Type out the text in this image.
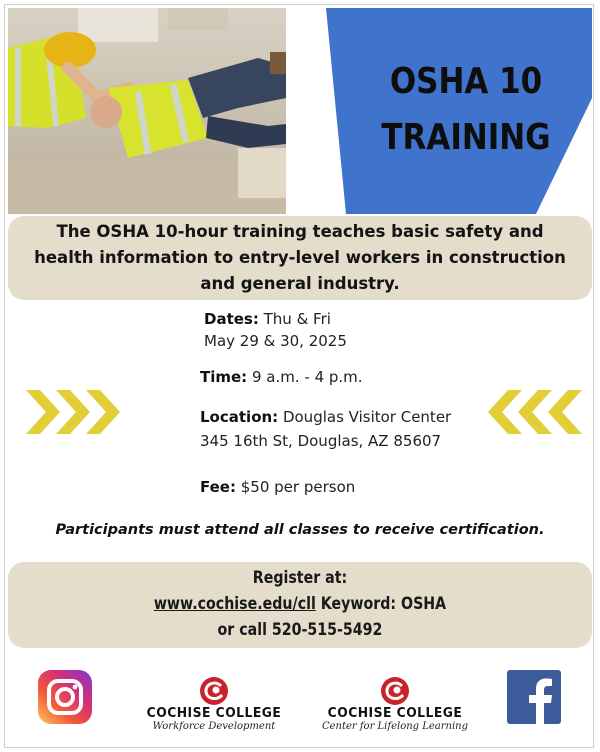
OSHA 10
TRAINING

The OSHA 10-hour training teaches basic safety and health information to entry-level workers in construction and general industry.

Dates: Thu & Fri
May 29 & 30, 2025
Time: 9 a.m. - 4 p.m.
Location: Douglas Visitor Center
345 16th St, Douglas, AZ 85607
Fee: $50 per person
Participants must attend all classes to receive certification.
Register at:
www.cochise.edu/cll Keyword: OSHA
or call 520-515-5492
COCHISE COLLEGE
Workforce Development
COCHISE COLLEGE
Center for Lifelong Learning
